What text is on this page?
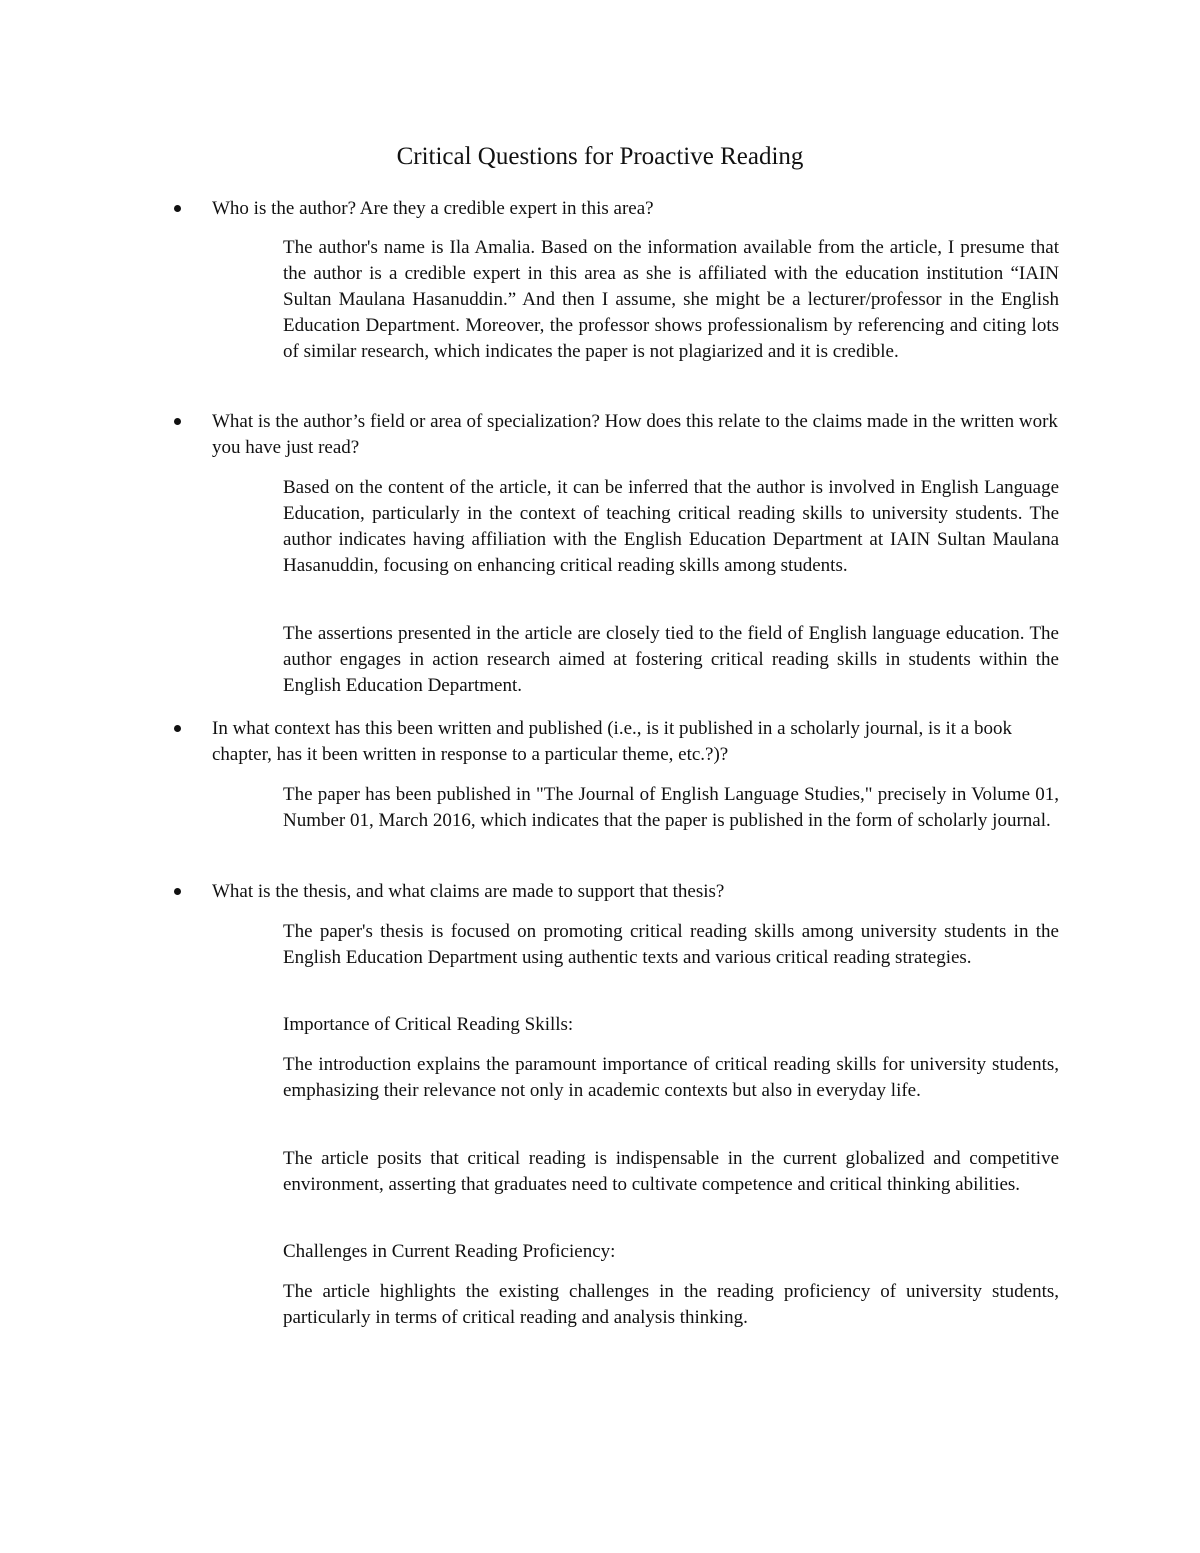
Critical Questions for Proactive Reading
Who is the author? Are they a credible expert in this area?

The author's name is Ila Amalia. Based on the information available from the article, I presume that the author is a credible expert in this area as she is affiliated with the education institution “IAIN Sultan Maulana Hasanuddin.” And then I assume, she might be a lecturer/professor in the English Education Department. Moreover, the professor shows professionalism by referencing and citing lots of similar research, which indicates the paper is not plagiarized and it is credible.

What is the author’s field or area of specialization? How does this relate to the claims made in the written work you have just read?

Based on the content of the article, it can be inferred that the author is involved in English Language Education, particularly in the context of teaching critical reading skills to university students. The author indicates having affiliation with the English Education Department at IAIN Sultan Maulana Hasanuddin, focusing on enhancing critical reading skills among students.

The assertions presented in the article are closely tied to the field of English language education. The author engages in action research aimed at fostering critical reading skills in students within the English Education Department.

In what context has this been written and published (i.e., is it published in a scholarly journal, is it a book chapter, has it been written in response to a particular theme, etc.?)?

The paper has been published in "The Journal of English Language Studies," precisely in Volume 01, Number 01, March 2016, which indicates that the paper is published in the form of scholarly journal.

What is the thesis, and what claims are made to support that thesis?

The paper's thesis is focused on promoting critical reading skills among university students in the English Education Department using authentic texts and various critical reading strategies.

Importance of Critical Reading Skills:

The introduction explains the paramount importance of critical reading skills for university students, emphasizing their relevance not only in academic contexts but also in everyday life.

The article posits that critical reading is indispensable in the current globalized and competitive environment, asserting that graduates need to cultivate competence and critical thinking abilities.

Challenges in Current Reading Proficiency:

The article highlights the existing challenges in the reading proficiency of university students, particularly in terms of critical reading and analysis thinking.
